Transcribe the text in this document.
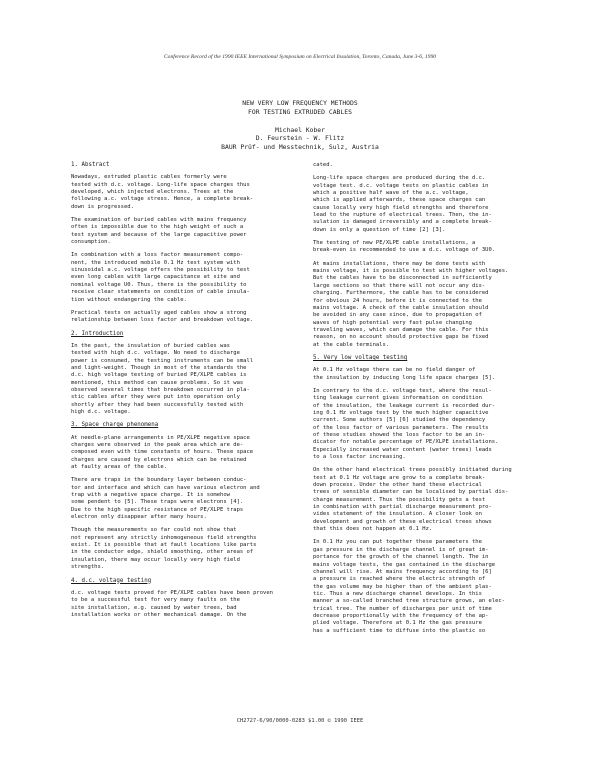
Conference Record of the 1990 IEEE International Symposium on Electrical Insulation, Toronto, Canada, June 3-6, 1990
NEW VERY LOW FREQUENCY METHODS
FOR TESTING EXTRUDED CABLES
Michael Kober
D. Feurstein - W. Flitz
BAUR Prüf- und Messtechnik, Sulz, Austria
1. Abstract

Nowadays, extruded plastic cables formerly were
tested with d.c. voltage. Long-life space charges thus
developed, which injected electrons. Trees at the
following a.c. voltage stress. Hence, a complete break-
down is progressed.

The examination of buried cables with mains frequency
often is impossible due to the high weight of such a
test system and because of the large capacitive power
consumption.

In combination with a loss factor measurement compo-
nent, the introduced mobile 0.1 Hz test system with
sinusoidal a.c. voltage offers the possibility to test
even long cables with large capacitance at site and
nominal voltage U0. Thus, there is the possibility to
receive clear statements on condition of cable insula-
tion without endangering the cable.

Practical tests on actually aged cables show a strong
relationship between loss factor and breakdown voltage.

2. Introduction

In the past, the insulation of buried cables was
tested with high d.c. voltage. No need to discharge
power is consumed, the testing instruments can be small
and light-weight. Though in most of the standards the
d.c. high voltage testing of buried PE/XLPE cables is
mentioned, this method can cause problems. So it was
observed several times that breakdown occurred in pla-
stic cables after they were put into operation only
shortly after they had been successfully tested with
high d.c. voltage.

3. Space charge phenomena

At needle-plane arrangements in PE/XLPE negative space
charges were observed in the peak area which are de-
composed even with time constants of hours. These space
charges are caused by electrons which can be retained
at faulty areas of the cable.

There are traps in the boundary layer between conduc-
tor and interface and which can have various electron and
trap with a negative space charge. It is somehow
some pendent to [5]. These traps were electrons [4].
Due to the high specific resistance of PE/XLPE traps
electron only disappear after many hours.

Though the measurements so far could not show that
not represent any strictly inhomogeneous field strengths
exist. It is possible that at fault locations like parts
in the conductor edge, shield smoothing, other areas of
insulation, there may occur locally very high field
strengths.

4. d.c. voltage testing

d.c. voltage tests proved for PE/XLPE cables have been proven
to be a successful test for very many faults on the
site installation, e.g. caused by water trees, bad
installation works or other mechanical damage. On the

cated.

Long-life space charges are produced during the d.c.
voltage test. d.c. voltage tests on plastic cables in
which a positive half wave of the a.c. voltage,
which is applied afterwards, these space charges can
cause locally very high field strengths and therefore
lead to the rupture of electrical trees. Then, the in-
sulation is damaged irreversibly and a complete break-
down is only a question of time [2] [3].

The testing of new PE/XLPE cable installations, a
break-even is recommended to use a d.c. voltage of 3U0.

At mains installations, there may be done tests with
mains voltage, it is possible to test with higher voltages.
But the cables have to be disconnected in sufficiently
large sections so that there will not occur any dis-
charging. Furthermore, the cable has to be considered
for obvious 24 hours, before it is connected to the
mains voltage. A check of the cable insulation should
be avoided in any case since, due to propagation of
waves of high potential very fast pulse changing
traveling waves, which can damage the cable. For this
reason, on no account should protective gaps be fixed
at the cable terminals.

5. Very low voltage testing

At 0.1 Hz voltage there can be no field danger of
the insulation by inducing long life space charges [5].

In contrary to the d.c. voltage test, where the resul-
ting leakage current gives information on condition
of the insulation, the leakage current is recorded dur-
ing 0.1 Hz voltage test by the much higher capacitive
current. Some authors [5] [6] studied the dependency
of the loss factor of various parameters. The results
of these studies showed the loss factor to be an in-
dicator for notable percentage of PE/XLPE installations.
Especially increased water content (water trees) leads
to a loss factor increasing.

On the other hand electrical trees possibly initiated during
test at 0.1 Hz voltage are grow to a complete break-
down process. Under the other hand these electrical
trees of sensible diameter can be localised by partial dis-
charge measurement. Thus the possibility gets a test
in combination with partial discharge measurement pro-
vides statement of the insulation. A closer look on
development and growth of these electrical trees shows
that this does not happen at 0.1 Hz.

In 0.1 Hz you can put together these parameters the
gas pressure in the discharge channel is of great im-
portance for the growth of the channel length. The in
mains voltage tests, the gas contained in the discharge
channel will rise. At mains frequency according to [6]
a pressure is reached where the electric strength of
the gas volume may be higher than of the ambient plas-
tic. Thus a new discharge channel develops. In this
manner a so-called branched tree structure grows, an elec-
trical tree. The number of discharges per unit of time
decrease proportionally with the frequency of the ap-
plied voltage. Therefore at 0.1 Hz the gas pressure
has a sufficient time to diffuse into the plastic so

CH2727-6/90/0000-0283 $1.00 © 1990 IEEE
